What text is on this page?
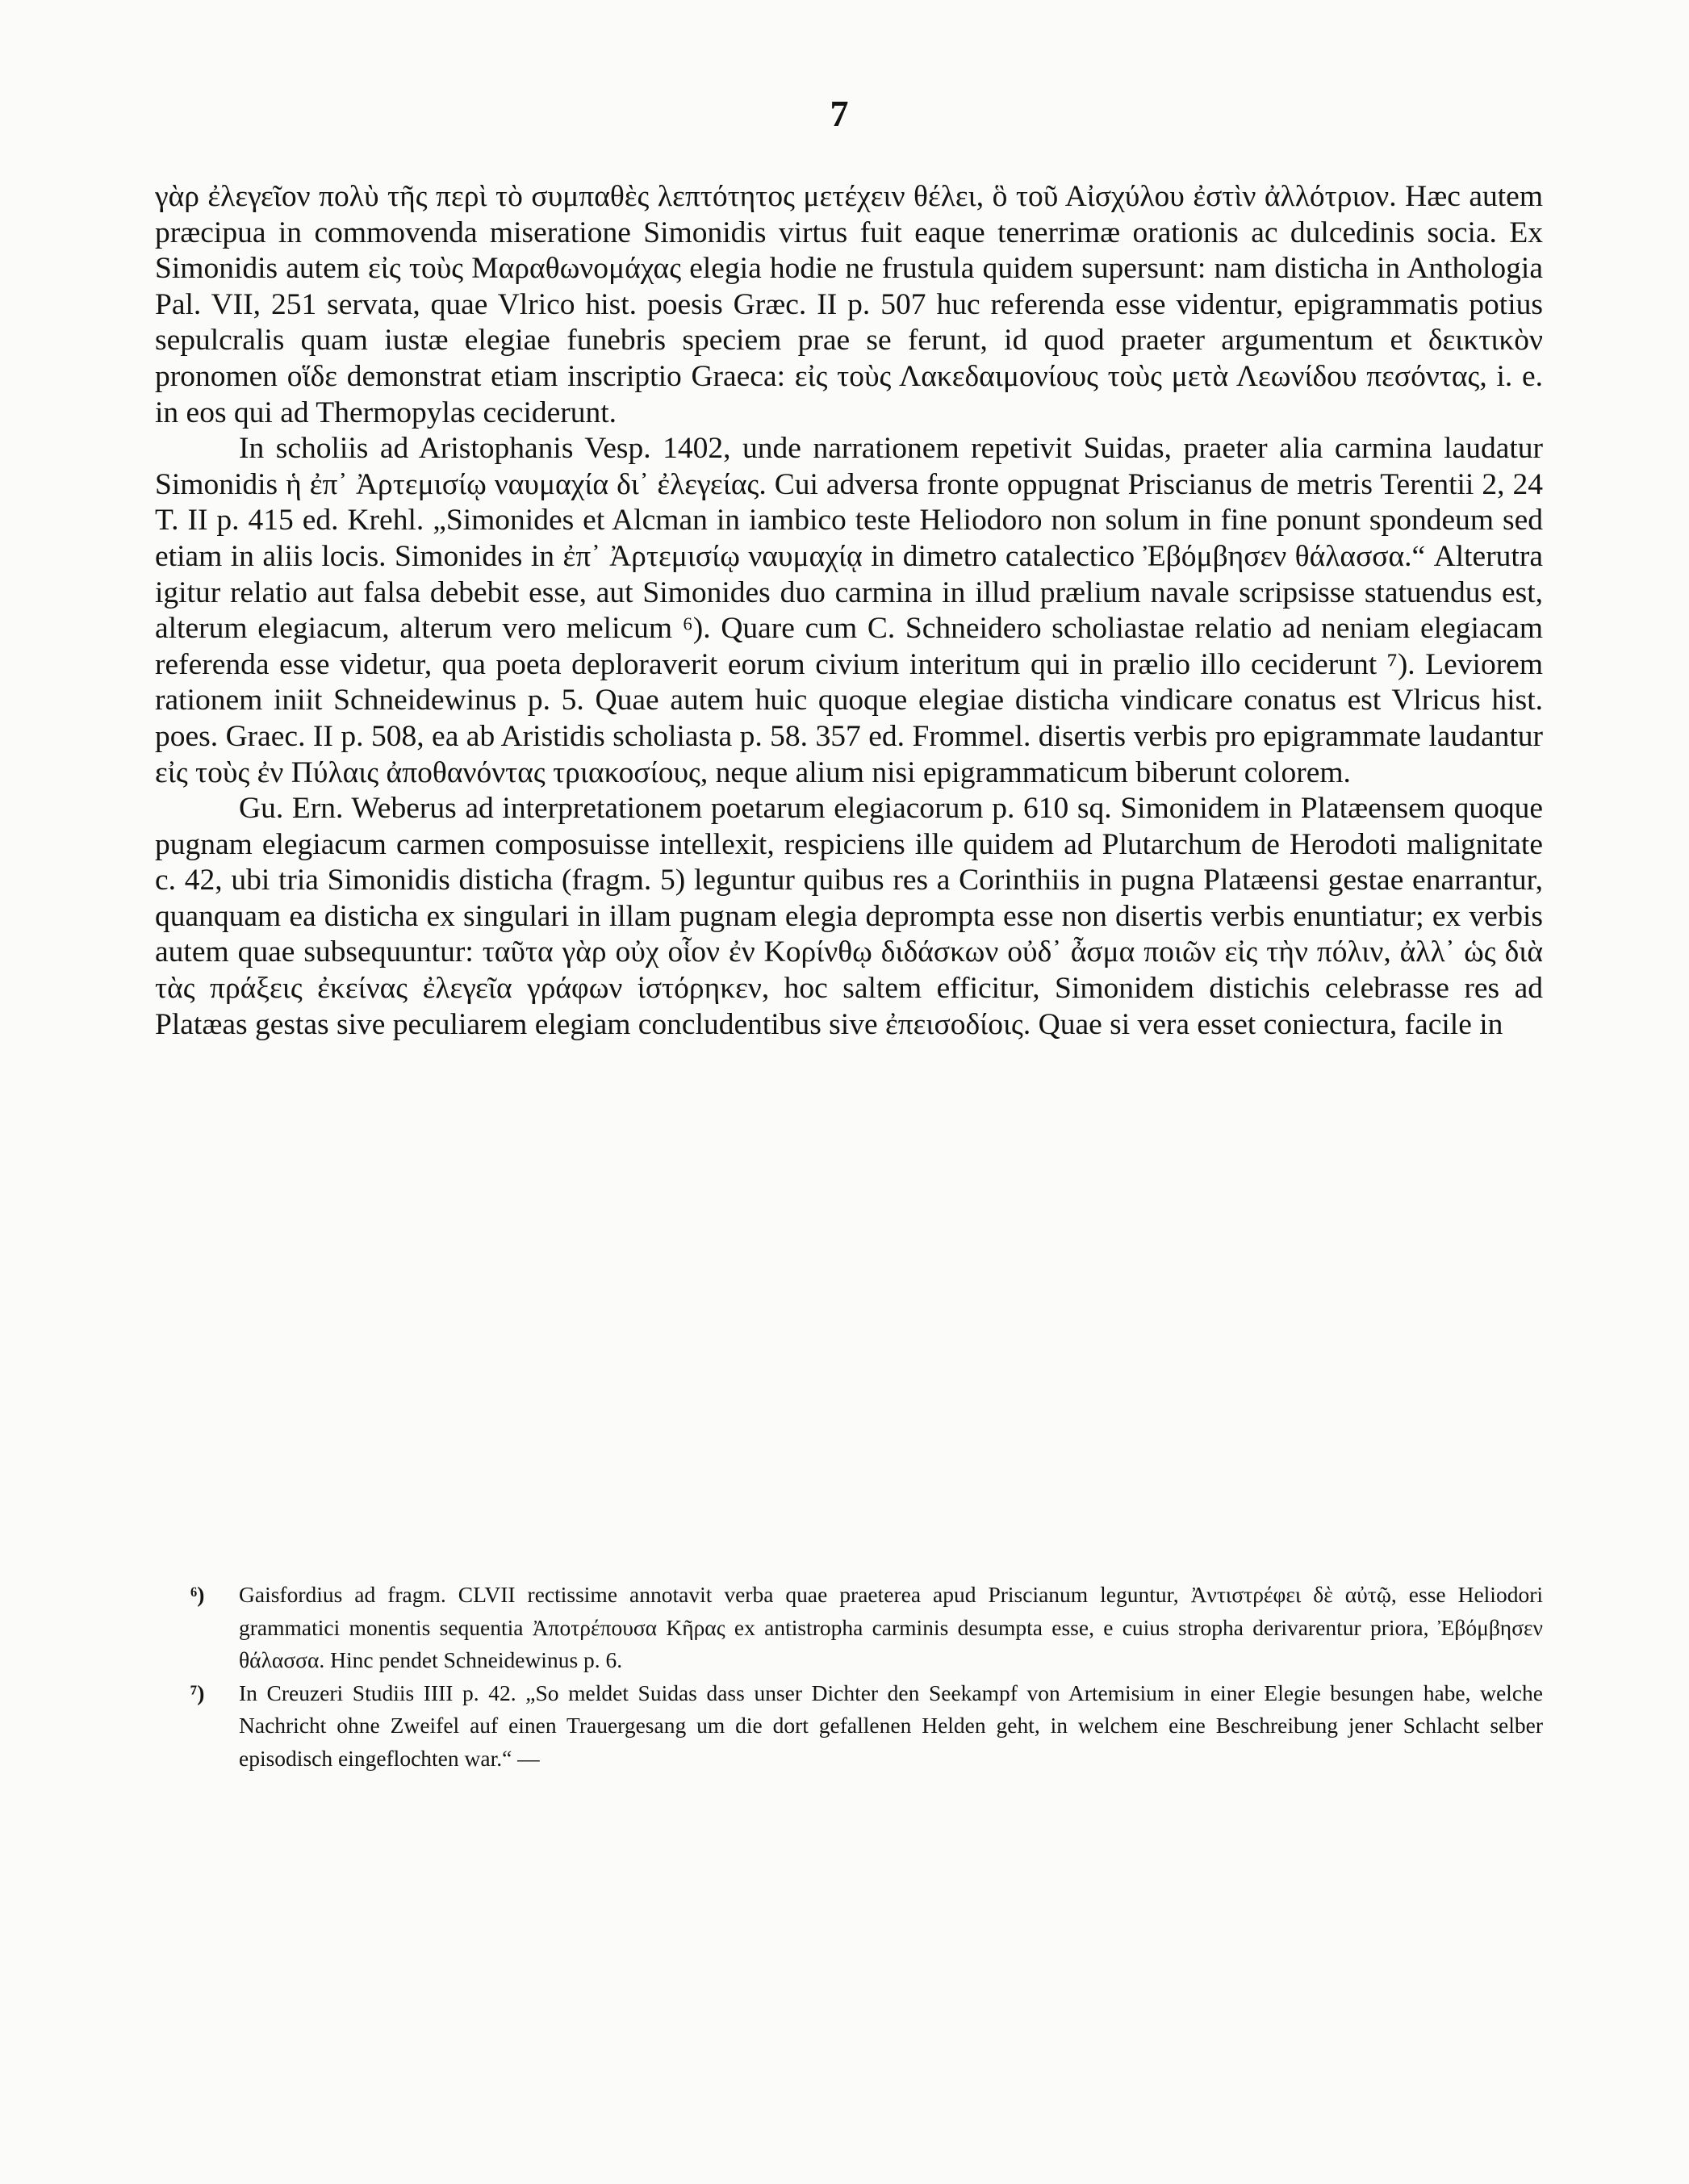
7

γὰρ ἐλεγεῖον πολὺ τῆς περὶ τὸ συμπαθὲς λεπτότητος μετέχειν θέλει, ὃ τοῦ Αἰσχύλου ἐστὶν ἀλλότριον. Hæc autem præcipua in commovenda miseratione Simonidis virtus fuit eaque tenerrimæ orationis ac dulcedinis socia. Ex Simonidis autem εἰς τοὺς Μαραθωνομάχας elegia hodie ne frustula quidem supersunt: nam disticha in Anthologia Pal. VII, 251 servata, quae Vlrico hist. poesis Græc. II p. 507 huc referenda esse videntur, epigrammatis potius sepulcralis quam iustæ elegiae funebris speciem prae se ferunt, id quod praeter argumentum et δεικτικὸν pronomen οἵδε demonstrat etiam inscriptio Graeca: εἰς τοὺς Λακεδαιμονίους τοὺς μετὰ Λεωνίδου πεσόντας, i. e. in eos qui ad Thermopylas ceciderunt.

In scholiis ad Aristophanis Vesp. 1402, unde narrationem repetivit Suidas, praeter alia carmina laudatur Simonidis ἡ ἐπ᾽ Ἀρτεμισίῳ ναυμαχία δι᾽ ἐλεγείας. Cui adversa fronte oppugnat Priscianus de metris Terentii 2, 24 T. II p. 415 ed. Krehl. „Simonides et Alcman in iambico teste Heliodoro non solum in fine ponunt spondeum sed etiam in aliis locis. Simonides in ἐπ᾽ Ἀρτεμισίῳ ναυμαχίᾳ in dimetro catalectico Ἐβόμβησεν θάλασσα.“ Alterutra igitur relatio aut falsa debebit esse, aut Simonides duo carmina in illud prælium navale scripsisse statuendus est, alterum elegiacum, alterum vero melicum ⁶). Quare cum C. Schneidero scholiastae relatio ad neniam elegiacam referenda esse videtur, qua poeta deploraverit eorum civium interitum qui in prælio illo ceciderunt ⁷). Leviorem rationem iniit Schneidewinus p. 5. Quae autem huic quoque elegiae disticha vindicare conatus est Vlricus hist. poes. Graec. II p. 508, ea ab Aristidis scholiasta p. 58. 357 ed. Frommel. disertis verbis pro epigrammate laudantur εἰς τοὺς ἐν Πύλαις ἀποθανόντας τριακοσίους, neque alium nisi epigrammaticum biberunt colorem.

Gu. Ern. Weberus ad interpretationem poetarum elegiacorum p. 610 sq. Simonidem in Platæensem quoque pugnam elegiacum carmen composuisse intellexit, respiciens ille quidem ad Plutarchum de Herodoti malignitate c. 42, ubi tria Simonidis disticha (fragm. 5) leguntur quibus res a Corinthiis in pugna Platæensi gestae enarrantur, quanquam ea disticha ex singulari in illam pugnam elegia deprompta esse non disertis verbis enuntiatur; ex verbis autem quae subsequuntur: ταῦτα γὰρ οὐχ οἷον ἐν Κορίνθῳ διδάσκων οὐδ᾽ ἆσμα ποιῶν εἰς τὴν πόλιν, ἀλλ᾽ ὡς διὰ τὰς πράξεις ἐκείνας ἐλεγεῖα γράφων ἱστόρηκεν, hoc saltem efficitur, Simonidem distichis celebrasse res ad Platæas gestas sive peculiarem elegiam concludentibus sive ἐπεισοδίοις. Quae si vera esset coniectura, facile in

⁶) Gaisfordius ad fragm. CLVII rectissime annotavit verba quae praeterea apud Priscianum leguntur, Ἀντιστρέφει δὲ αὐτῷ, esse Heliodori grammatici monentis sequentia Ἀποτρέπουσα Κῆρας ex antistropha carminis desumpta esse, e cuius stropha derivarentur priora, Ἐβόμβησεν θάλασσα. Hinc pendet Schneidewinus p. 6.

⁷) In Creuzeri Studiis IIII p. 42. „So meldet Suidas dass unser Dichter den Seekampf von Artemisium in einer Elegie besungen habe, welche Nachricht ohne Zweifel auf einen Trauergesang um die dort gefallenen Helden geht, in welchem eine Beschreibung jener Schlacht selber episodisch eingeflochten war.“ —
